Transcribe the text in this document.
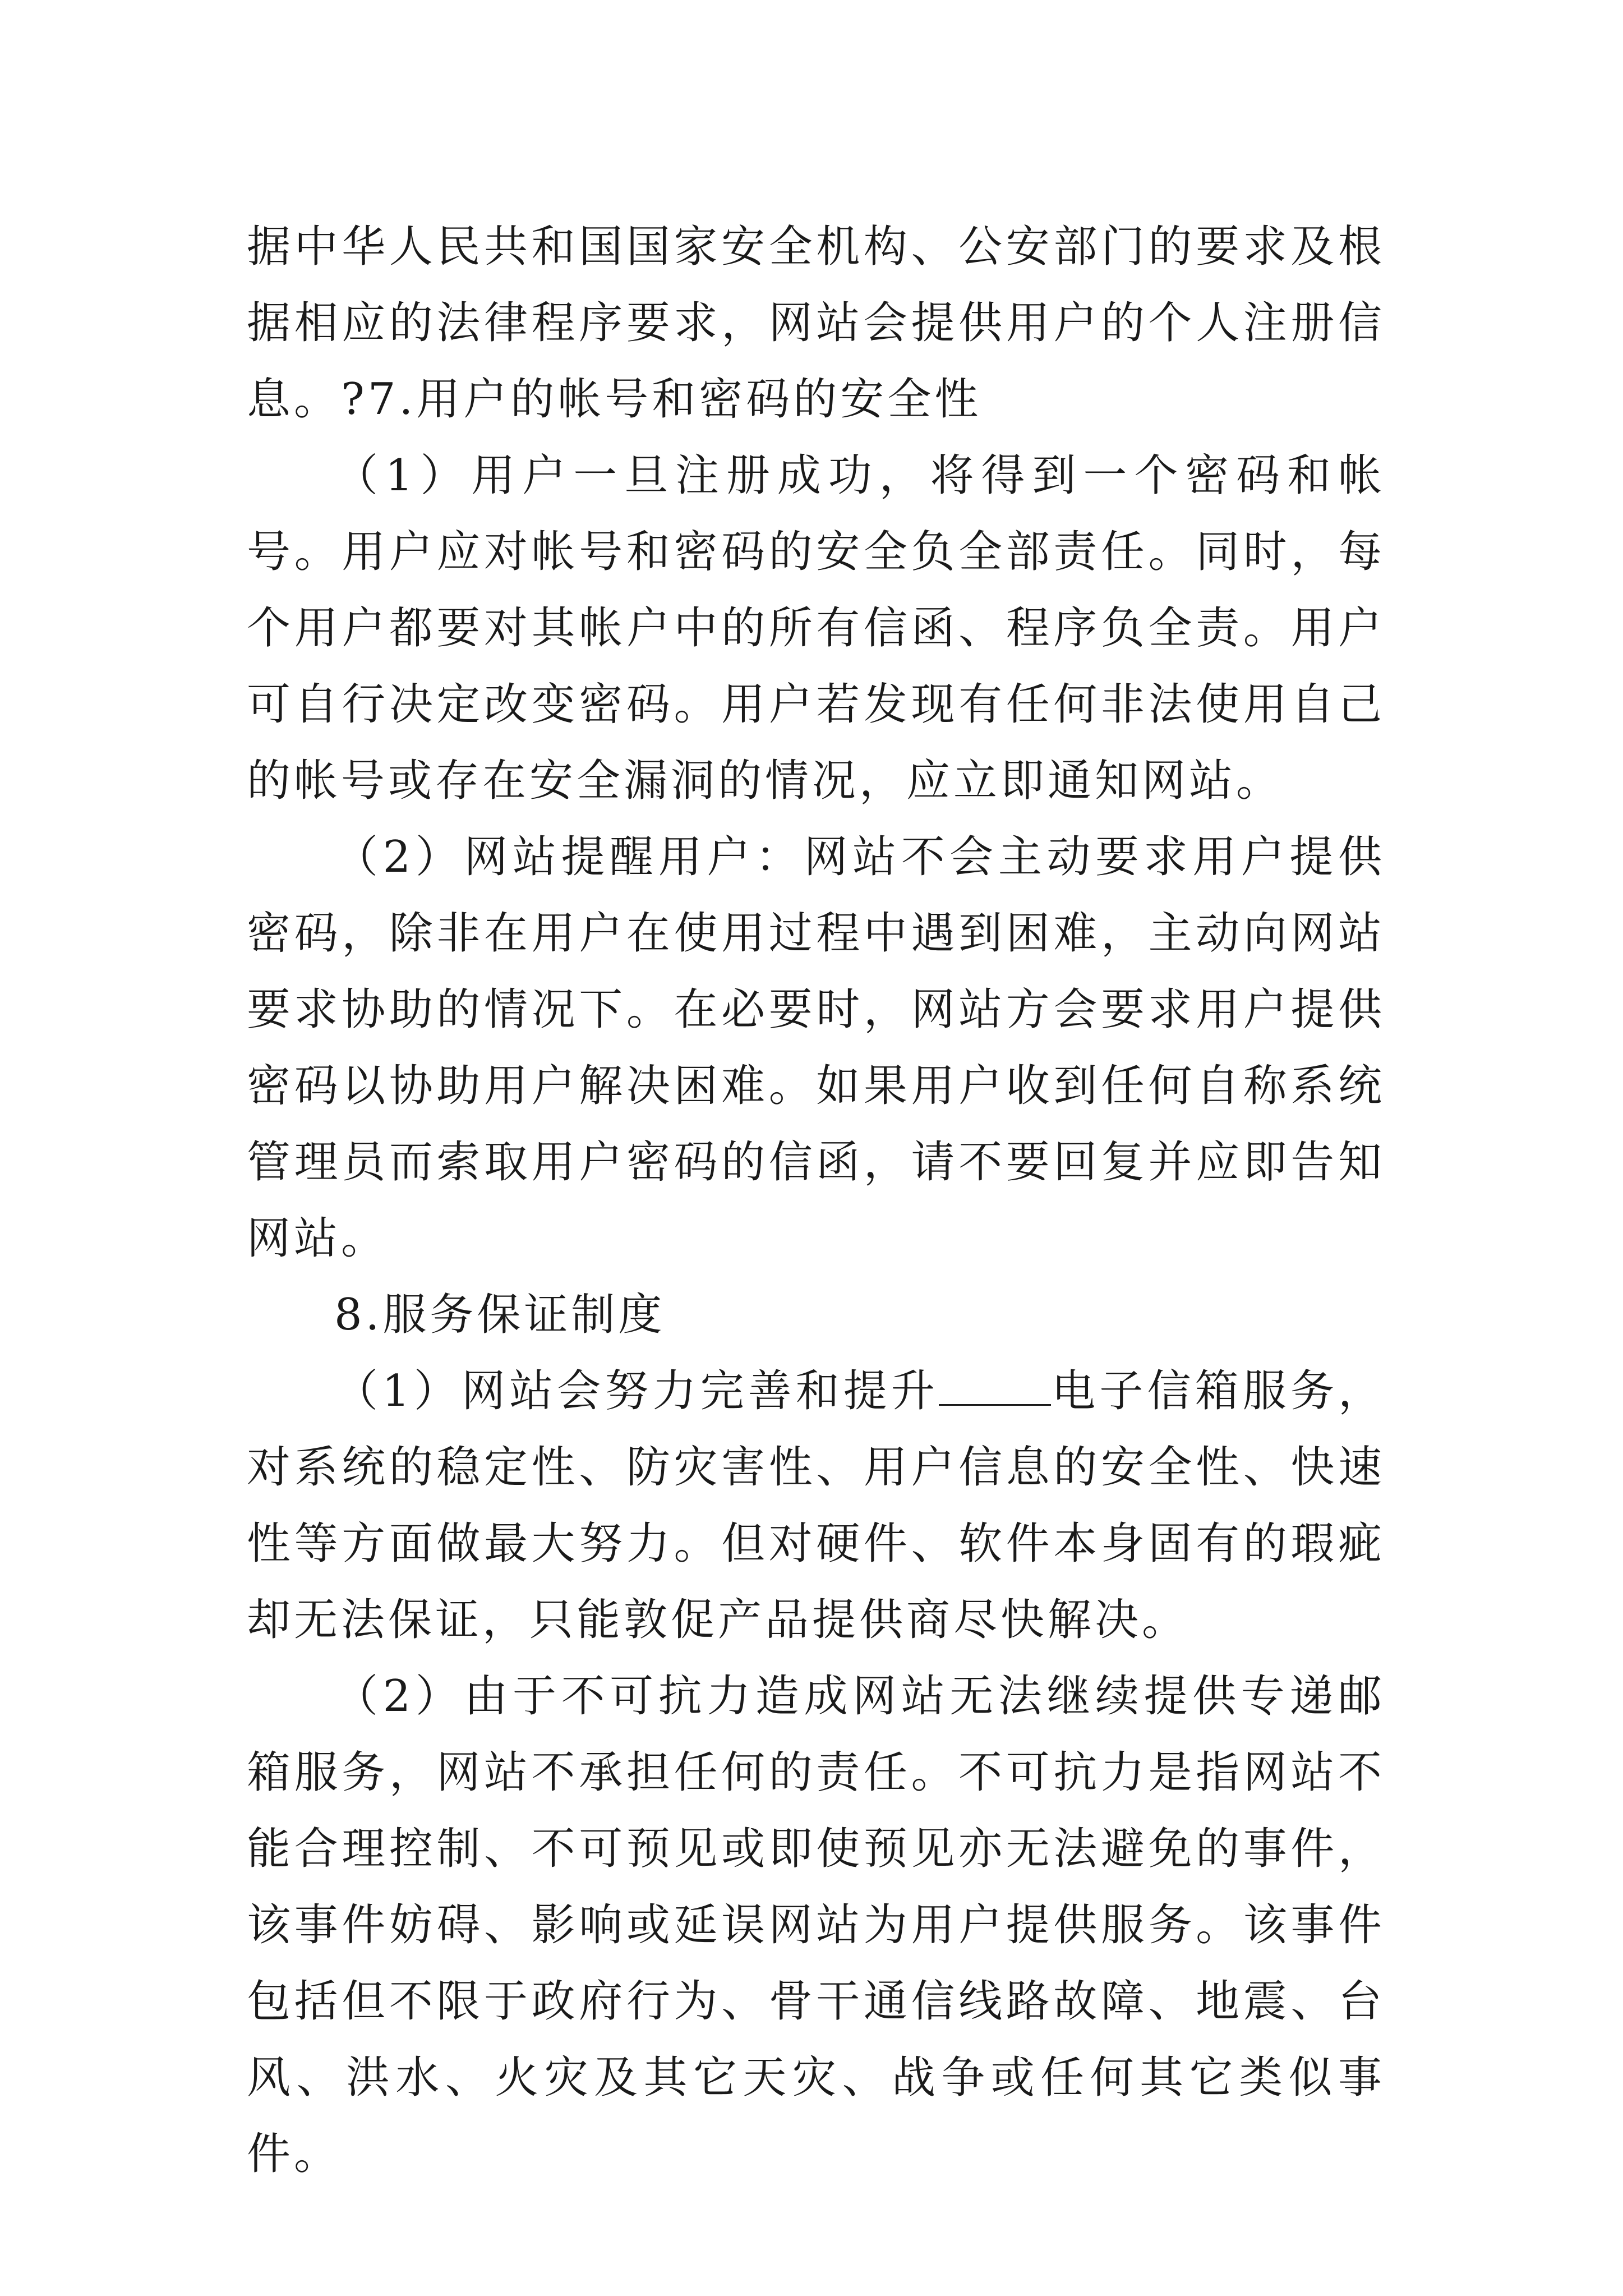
据中华人民共和国国家安全机构、公安部门的要求及根据相应的法律程序要求，网站会提供用户的个人注册信息。?7.用户的帐号和密码的安全性

（1）用户一旦注册成功，将得到一个密码和帐号。用户应对帐号和密码的安全负全部责任。同时，每个用户都要对其帐户中的所有信函、程序负全责。用户可自行决定改变密码。用户若发现有任何非法使用自己的帐号或存在安全漏洞的情况，应立即通知网站。

（2）网站提醒用户：网站不会主动要求用户提供密码，除非在用户在使用过程中遇到困难，主动向网站要求协助的情况下。在必要时，网站方会要求用户提供密码以协助用户解决困难。如果用户收到任何自称系统管理员而索取用户密码的信函，请不要回复并应即告知网站。

8.服务保证制度

（1）网站会努力完善和提升	电子信箱服务，对系统的稳定性、防灾害性、用户信息的安全性、快速性等方面做最大努力。但对硬件、软件本身固有的瑕疵却无法保证，只能敦促产品提供商尽快解决。

（2）由于不可抗力造成网站无法继续提供专递邮箱服务，网站不承担任何的责任。不可抗力是指网站不能合理控制、不可预见或即使预见亦无法避免的事件，该事件妨碍、影响或延误网站为用户提供服务。该事件包括但不限于政府行为、骨干通信线路故障、地震、台风、洪水、火灾及其它天灾、战争或任何其它类似事件。
